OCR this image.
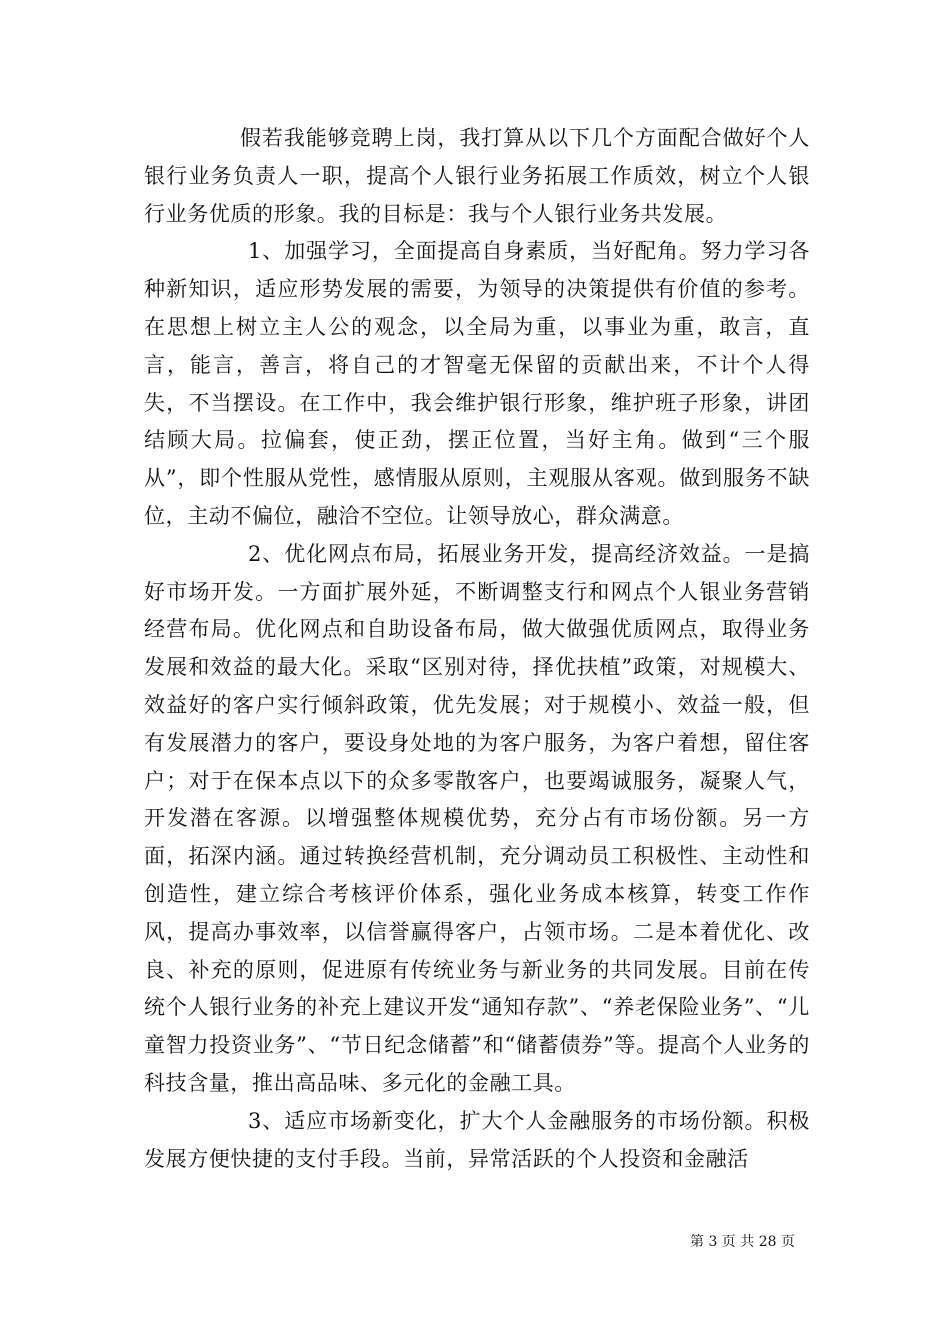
假若我能够竞聘上岗，我打算从以下几个方面配合做好个人银行业务负责人一职，提高个人银行业务拓展工作质效，树立个人银行业务优质的形象。我的目标是：我与个人银行业务共发展。

1、加强学习，全面提高自身素质，当好配角。努力学习各种新知识，适应形势发展的需要，为领导的决策提供有价值的参考。在思想上树立主人公的观念，以全局为重，以事业为重，敢言，直言，能言，善言，将自己的才智毫无保留的贡献出来，不计个人得失，不当摆设。在工作中，我会维护银行形象，维护班子形象，讲团结顾大局。拉偏套，使正劲，摆正位置，当好主角。做到“三个服从”，即个性服从党性，感情服从原则，主观服从客观。做到服务不缺位，主动不偏位，融洽不空位。让领导放心，群众满意。

2、优化网点布局，拓展业务开发，提高经济效益。一是搞好市场开发。一方面扩展外延，不断调整支行和网点个人银业务营销经营布局。优化网点和自助设备布局，做大做强优质网点，取得业务发展和效益的最大化。采取“区别对待，择优扶植”政策，对规模大、效益好的客户实行倾斜政策，优先发展；对于规模小、效益一般，但有发展潜力的客户，要设身处地的为客户服务，为客户着想，留住客户；对于在保本点以下的众多零散客户，也要竭诚服务，凝聚人气，开发潜在客源。以增强整体规模优势，充分占有市场份额。另一方面，拓深内涵。通过转换经营机制，充分调动员工积极性、主动性和创造性，建立综合考核评价体系，强化业务成本核算，转变工作作风，提高办事效率，以信誉赢得客户，占领市场。二是本着优化、改良、补充的原则，促进原有传统业务与新业务的共同发展。目前在传统个人银行业务的补充上建议开发“通知存款”、“养老保险业务”、“儿童智力投资业务”、“节日纪念储蓄”和“储蓄债券”等。提高个人业务的科技含量，推出高品味、多元化的金融工具。

3、适应市场新变化，扩大个人金融服务的市场份额。积极发展方便快捷的支付手段。当前，异常活跃的个人投资和金融活

第 3 页 共 28 页
